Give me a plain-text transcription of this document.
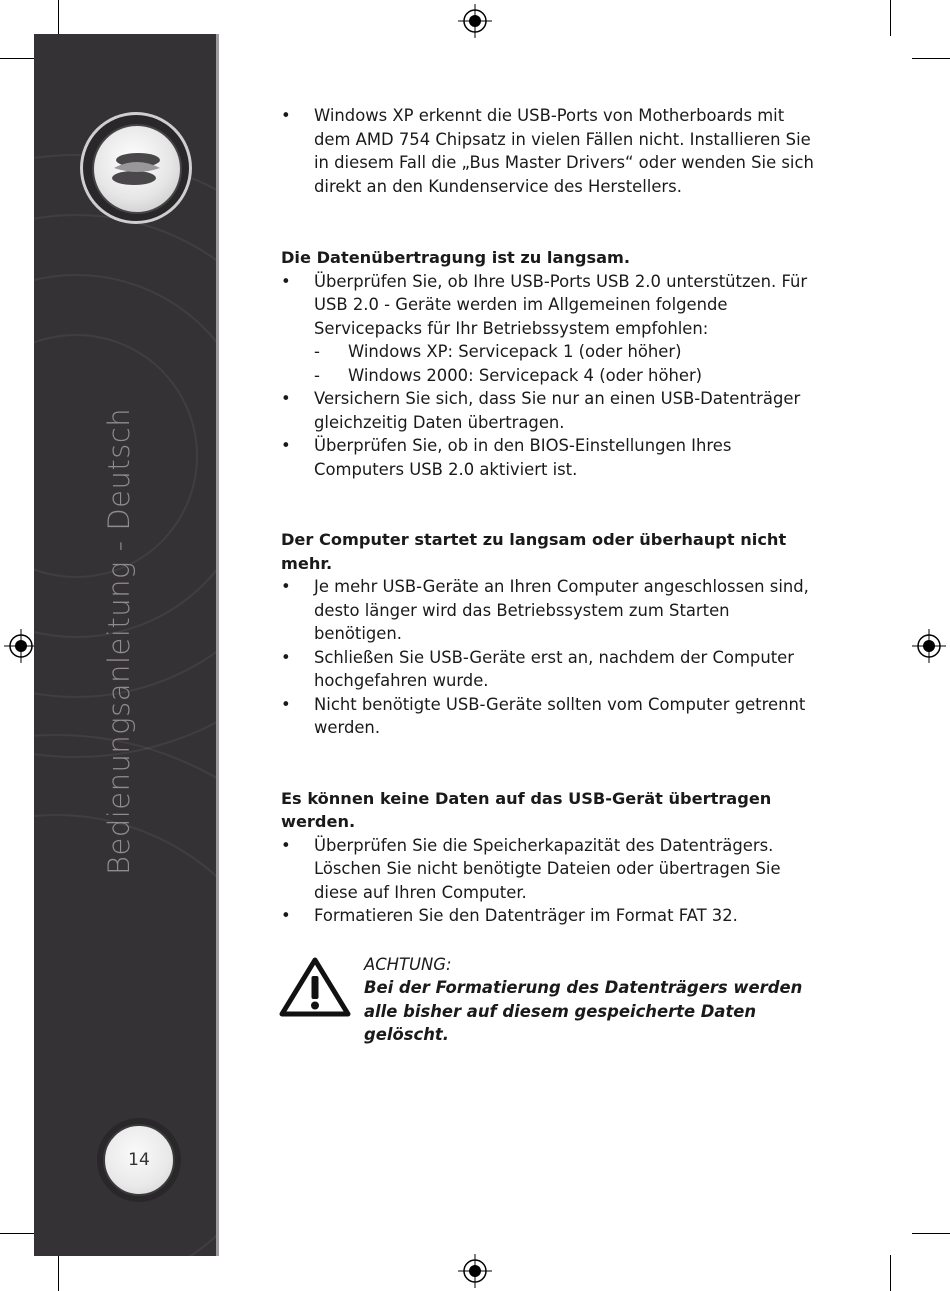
Bedienungsanleitung - Deutsch
14
•	Windows XP erkennt die USB-Ports von Motherboards mit dem AMD 754 Chipsatz in vielen Fällen nicht. Installieren Sie in diesem Fall die „Bus Master Drivers“ oder wenden Sie sich direkt an den Kundenservice des Herstellers.
Die Datenübertragung ist zu langsam.
•	Überprüfen Sie, ob Ihre USB-Ports USB 2.0 unterstützen. Für USB 2.0 - Geräte werden im Allgemeinen folgende Servicepacks für Ihr Betriebssystem empfohlen:
- Windows XP: Servicepack 1 (oder höher)
- Windows 2000: Servicepack 4 (oder höher)
•	Versichern Sie sich, dass Sie nur an einen USB-Datenträger gleichzeitig Daten übertragen.
•	Überprüfen Sie, ob in den BIOS-Einstellungen Ihres Computers USB 2.0 aktiviert ist.
Der Computer startet zu langsam oder überhaupt nicht mehr.
•	Je mehr USB-Geräte an Ihren Computer angeschlossen sind, desto länger wird das Betriebssystem zum Starten benötigen.
•	Schließen Sie USB-Geräte erst an, nachdem der Computer hochgefahren wurde.
•	Nicht benötigte USB-Geräte sollten vom Computer getrennt werden.
Es können keine Daten auf das USB-Gerät übertragen werden.
•	Überprüfen Sie die Speicherkapazität des Datenträgers. Löschen Sie nicht benötigte Dateien oder übertragen Sie diese auf Ihren Computer.
•	Formatieren Sie den Datenträger im Format FAT 32.
ACHTUNG:
Bei der Formatierung des Datenträgers werden alle bisher auf diesem gespeicherte Daten gelöscht.
